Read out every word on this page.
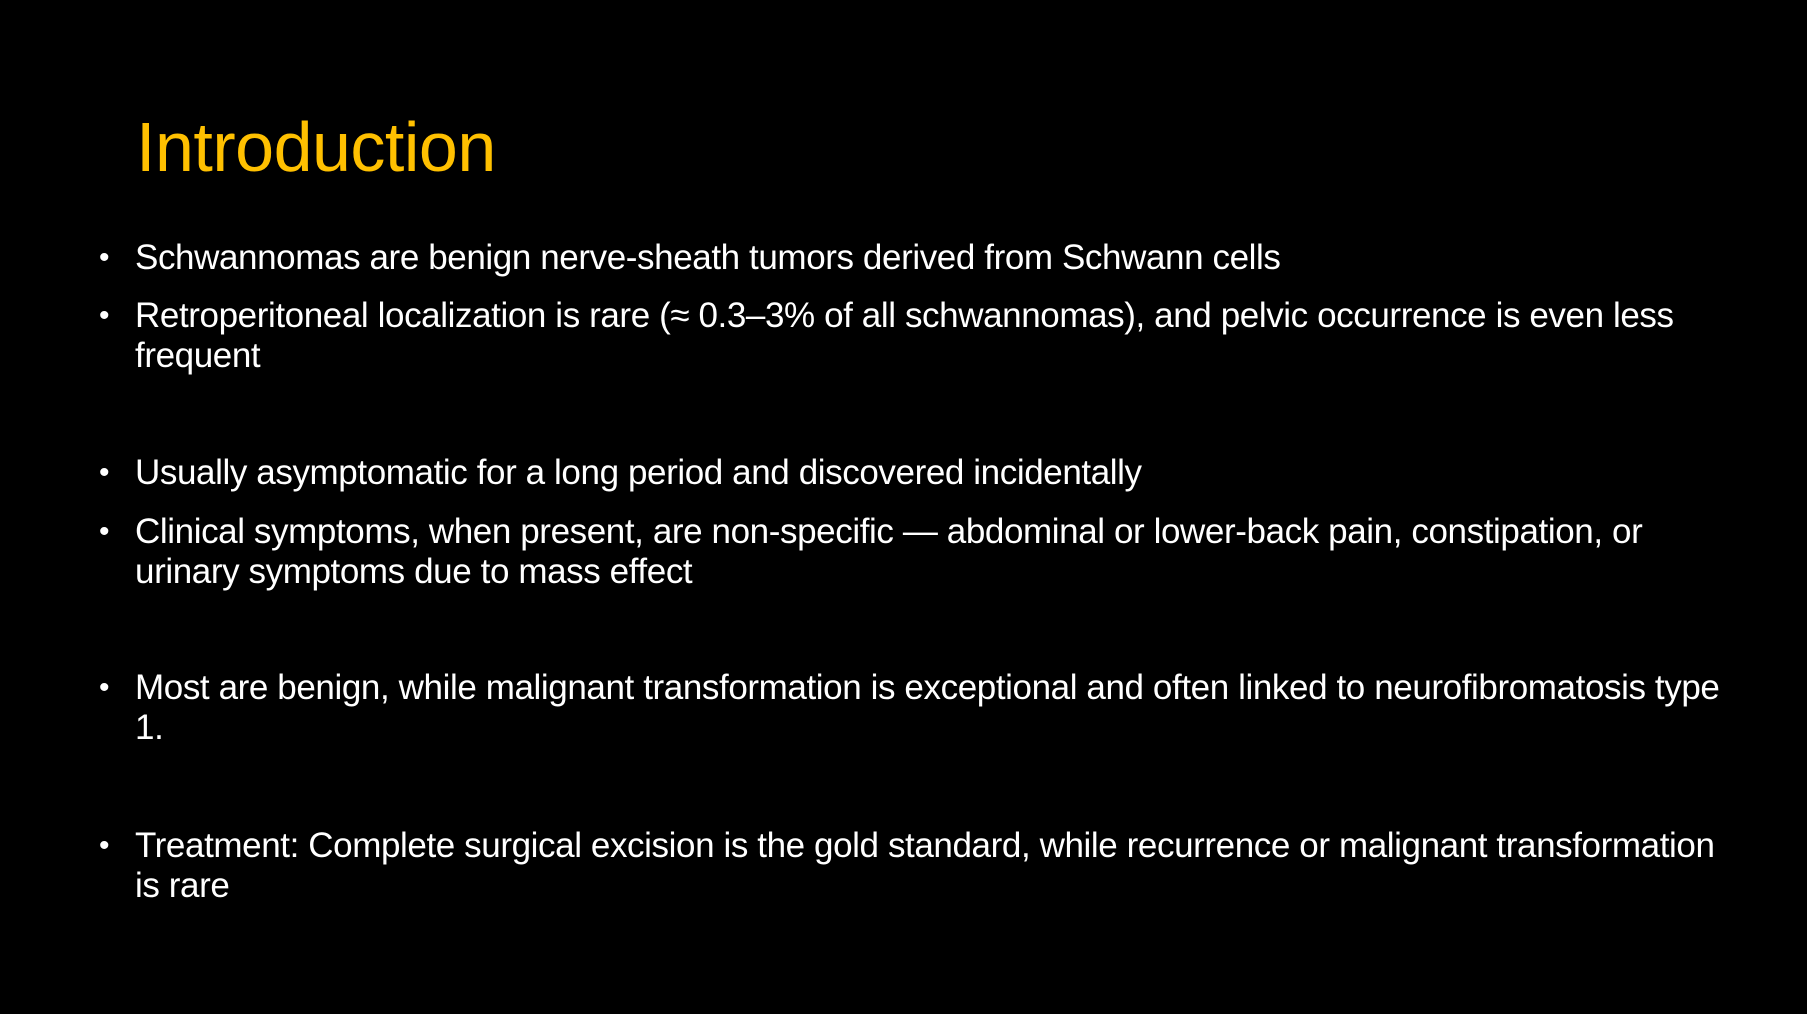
Introduction
• Schwannomas are benign nerve-sheath tumors derived from Schwann cells
• Retroperitoneal localization is rare (≈ 0.3–3% of all schwannomas), and pelvic occurrence is even less frequent
• Usually asymptomatic for a long period and discovered incidentally
• Clinical symptoms, when present, are non-specific — abdominal or lower-back pain, constipation, or urinary symptoms due to mass effect
• Most are benign, while malignant transformation is exceptional and often linked to neurofibromatosis type 1.
• Treatment: Complete surgical excision is the gold standard, while recurrence or malignant transformation is rare
